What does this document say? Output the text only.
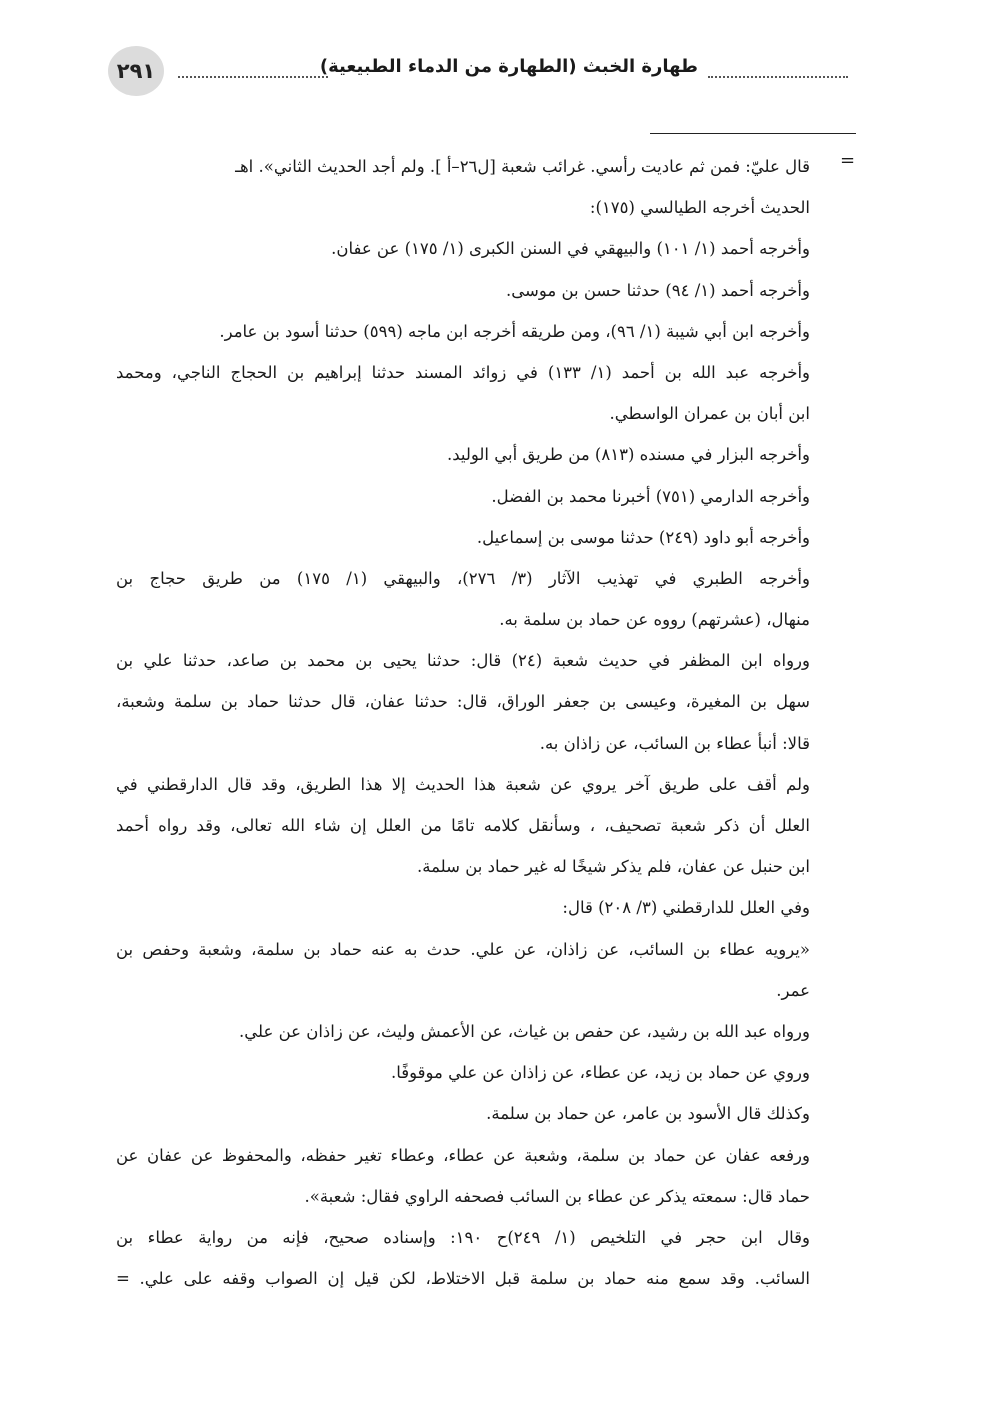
٢٩١	طهارة الخبث (الطهارة من الدماء الطبيعية)
=
قال عليّ: فمن ثم عاديت رأسي. غرائب شعبة [ل٢٦–أ ]. ولم أجد الحديث الثاني». اهـ
الحديث أخرجه الطيالسي (١٧٥):
وأخرجه أحمد (١/ ١٠١) والبيهقي في السنن الكبرى (١/ ١٧٥) عن عفان.
وأخرجه أحمد (١/ ٩٤) حدثنا حسن بن موسى.
وأخرجه ابن أبي شيبة (١/ ٩٦)، ومن طريقه أخرجه ابن ماجه (٥٩٩) حدثنا أسود بن عامر.
وأخرجه عبد الله بن أحمد (١/ ١٣٣) في زوائد المسند حدثنا إبراهيم بن الحجاج الناجي، ومحمد
ابن أبان بن عمران الواسطي.
وأخرجه البزار في مسنده (٨١٣) من طريق أبي الوليد.
وأخرجه الدارمي (٧٥١) أخبرنا محمد بن الفضل.
وأخرجه أبو داود (٢٤٩) حدثنا موسى بن إسماعيل.
وأخرجه الطبري في تهذيب الآثار (٣/ ٢٧٦)، والبيهقي (١/ ١٧٥) من طريق حجاج بن
منهال، (عشرتهم) رووه عن حماد بن سلمة به.
ورواه ابن المظفر في حديث شعبة (٢٤) قال: حدثنا يحيى بن محمد بن صاعد، حدثنا علي بن
سهل بن المغيرة، وعيسى بن جعفر الوراق، قال: حدثنا عفان، قال حدثنا حماد بن سلمة وشعبة،
قالا: أنبأ عطاء بن السائب، عن زاذان به.
ولم أقف على طريق آخر يروي عن شعبة هذا الحديث إلا هذا الطريق، وقد قال الدارقطني في
العلل أن ذكر شعبة تصحيف، ، وسأنقل كلامه تامًا من العلل إن شاء الله تعالى، وقد رواه أحمد
ابن حنبل عن عفان، فلم يذكر شيخًا له غير حماد بن سلمة.
وفي العلل للدارقطني (٣/ ٢٠٨) قال:
«يرويه عطاء بن السائب، عن زاذان، عن علي. حدث به عنه حماد بن سلمة، وشعبة وحفص بن
عمر.
ورواه عبد الله بن رشيد، عن حفص بن غياث، عن الأعمش وليث، عن زاذان عن علي.
وروي عن حماد بن زيد، عن عطاء، عن زاذان عن علي موقوفًا.
وكذلك قال الأسود بن عامر، عن حماد بن سلمة.
ورفعه عفان عن حماد بن سلمة، وشعبة عن عطاء، وعطاء تغير حفظه، والمحفوظ عن عفان عن
حماد قال: سمعته يذكر عن عطاء بن السائب فصحفه الراوي فقال: شعبة».
وقال ابن حجر في التلخيص (١/ ٢٤٩)ح ١٩٠: وإسناده صحيح، فإنه من رواية عطاء بن
السائب. وقد سمع منه حماد بن سلمة قبل الاختلاط، لكن قيل إن الصواب وقفه على علي. =
